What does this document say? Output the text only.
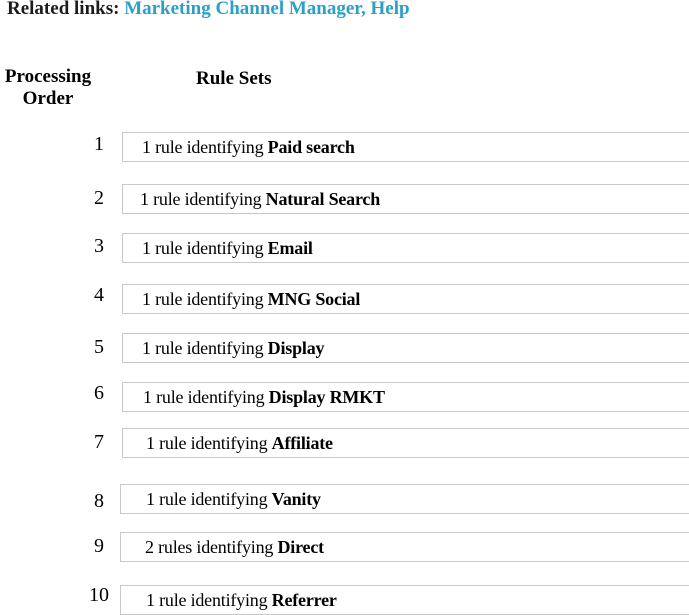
Related links: Marketing Channel Manager, Help
Processing
Order
Rule Sets
1	1 rule identifying Paid search
2	1 rule identifying Natural Search
3	1 rule identifying Email
4	1 rule identifying MNG Social
5	1 rule identifying Display
6	1 rule identifying Display RMKT
7	1 rule identifying Affiliate
8	1 rule identifying Vanity
9	2 rules identifying Direct
10 1 rule identifying Referrer
